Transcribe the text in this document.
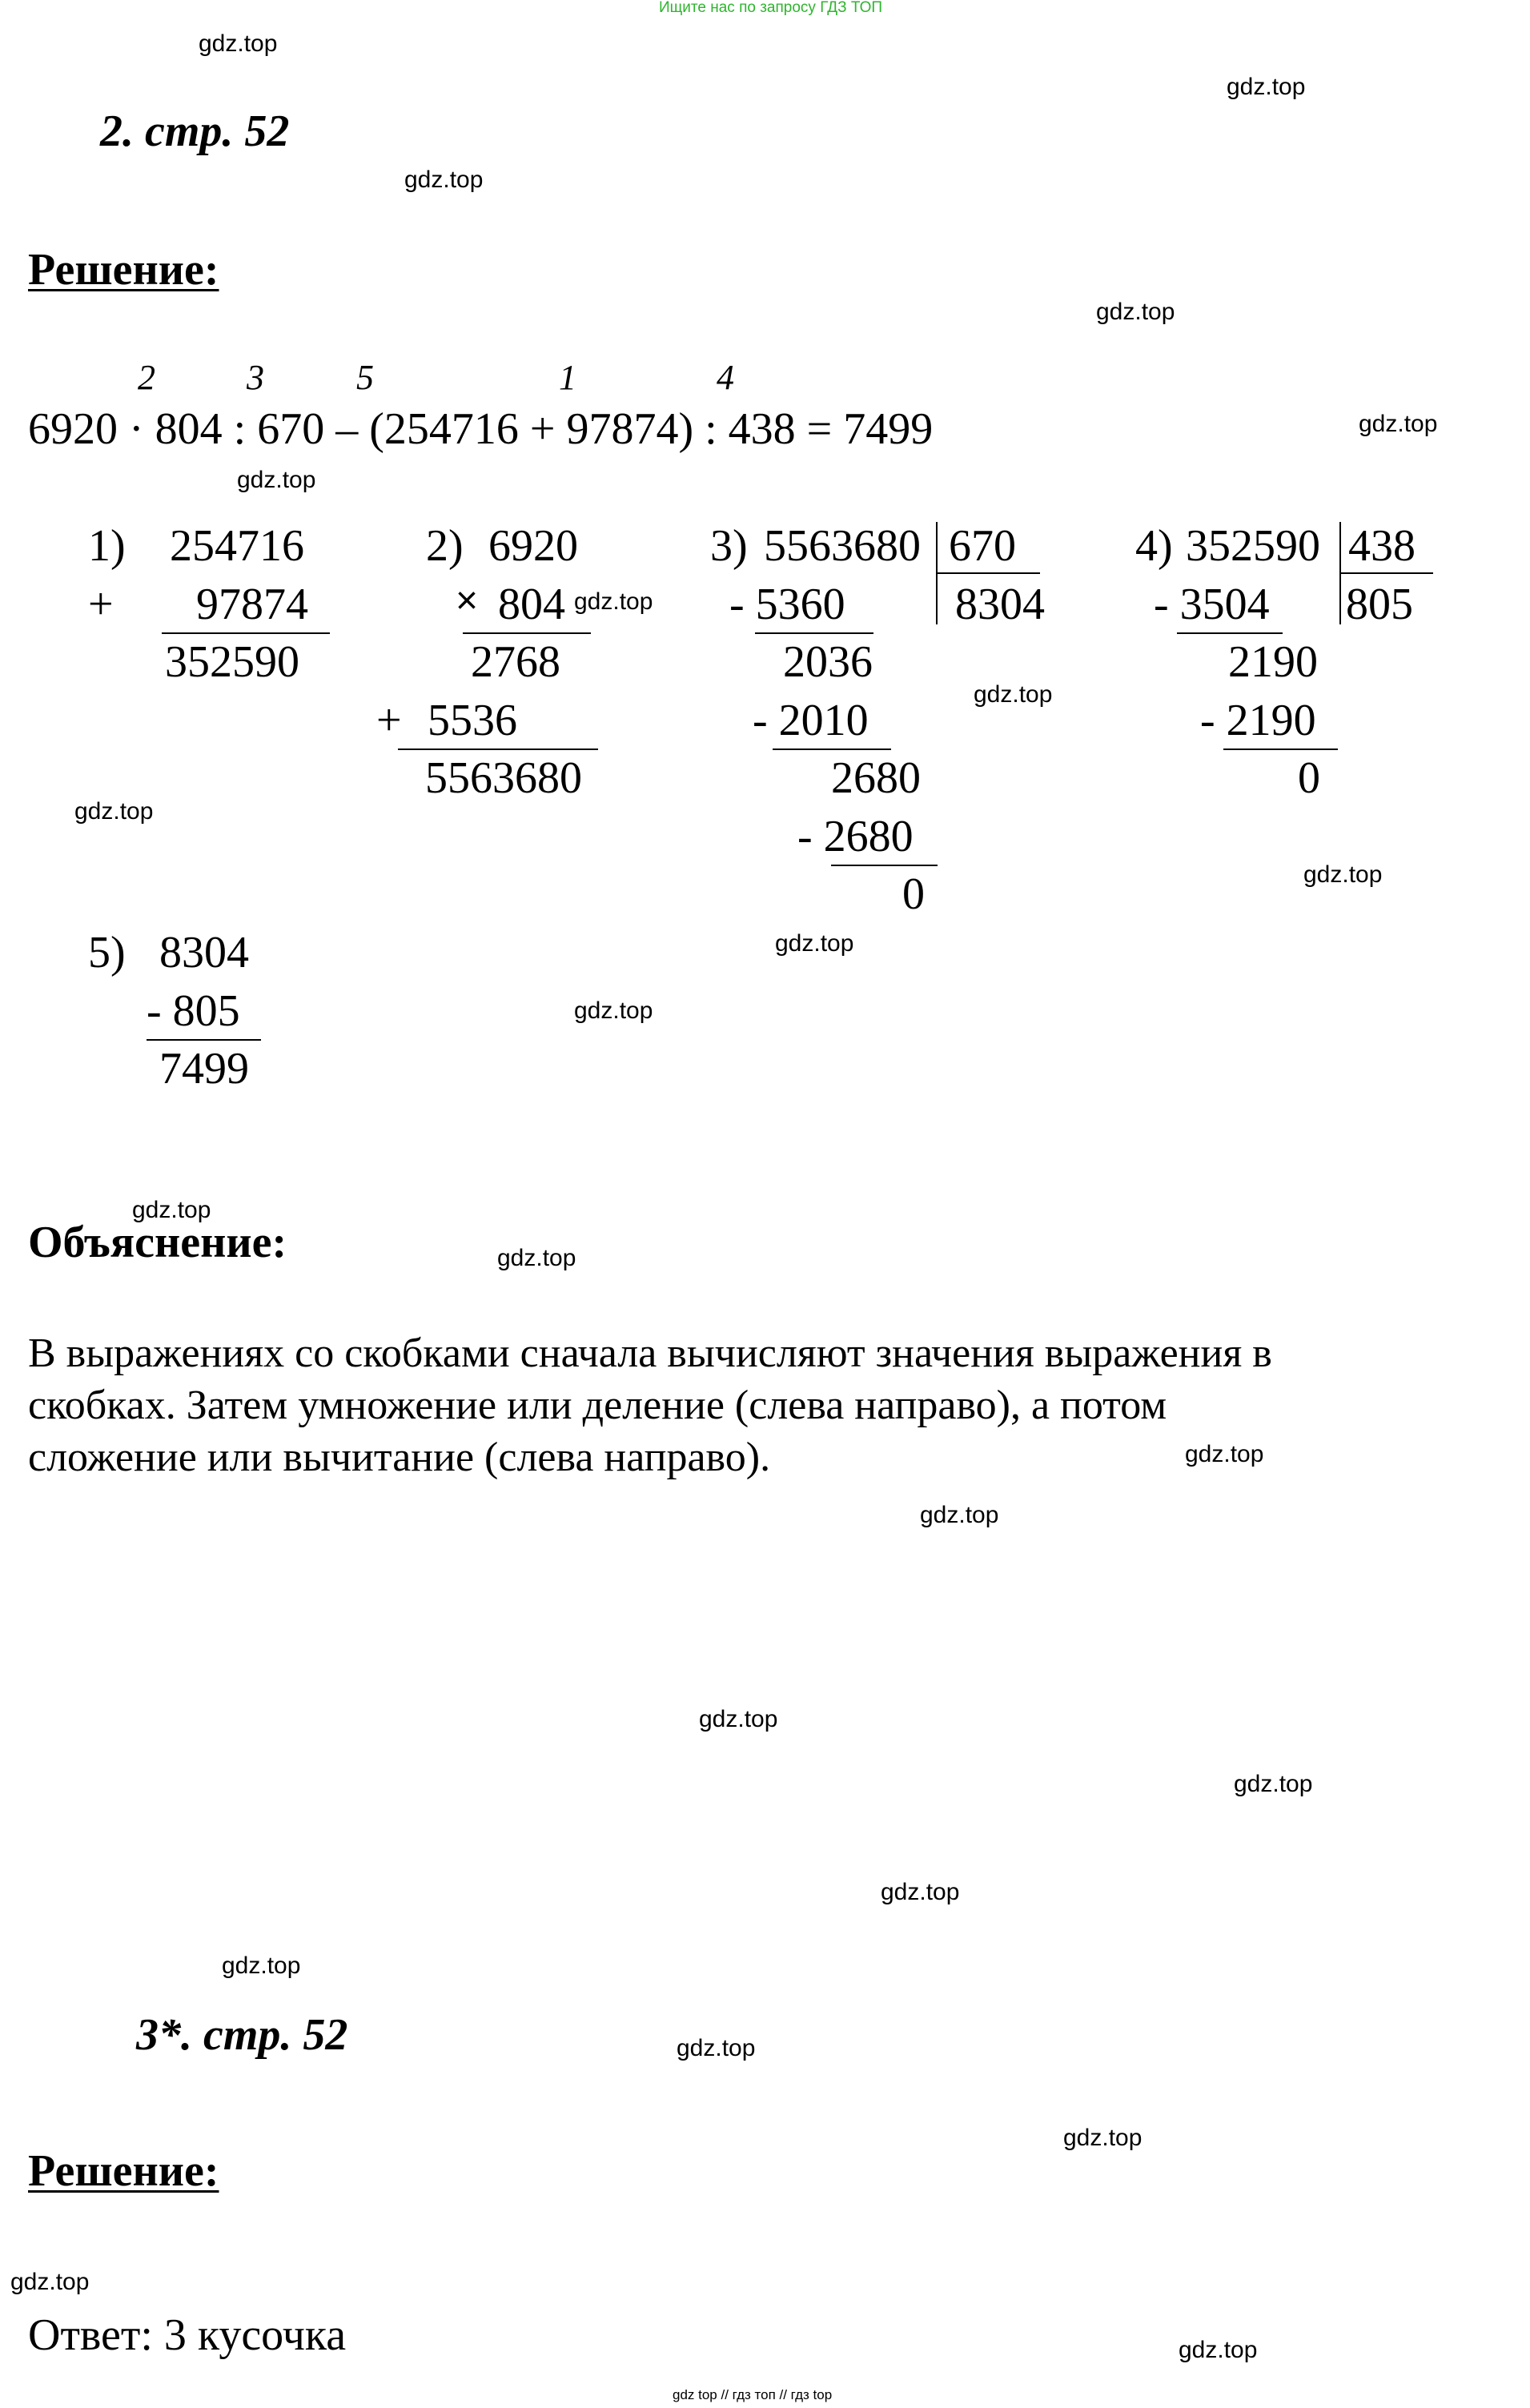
Ищите нас по запросу ГДЗ ТОП
gdz.top
gdz.top
gdz.top
gdz.top
gdz.top
gdz.top
gdz.top
gdz.top
gdz.top
gdz.top
gdz.top
gdz.top
gdz.top
gdz.top
gdz.top
gdz.top
gdz.top
gdz.top
gdz.top
gdz.top
gdz.top
gdz.top
gdz.top
gdz.top
2. стр. 52
Решение:
2	3	5	1	4
6920 · 804 : 670 – (254716 + 97874) : 438 = 7499
1) 254716
+ 97874
352590
2) 6920
× 804
2768
+ 5536
5563680
3) 5563680 670
8304
- 5360
2036
- 2010
2680
- 2680
0
4) 352590 438
805
- 3504
2190
- 2190
0
5) 8304
- 805
7499
Объяснение:
В выражениях со скобками сначала вычисляют значения выражения в
скобках. Затем умножение или деление (слева направо), а потом
сложение или вычитание (слева направо).
3*. стр. 52
Решение:
Ответ: 3 кусочка
gdz top // гдз топ // гдз top
